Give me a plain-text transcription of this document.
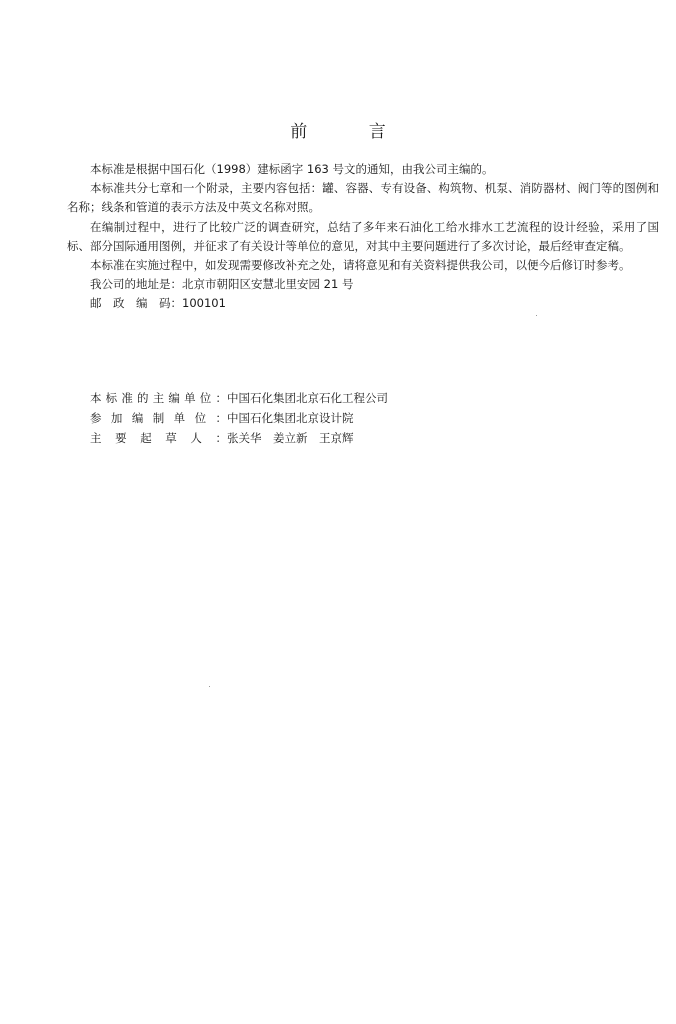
前 言

本标准是根据中国石化（1998）建标函字 163 号文的通知，由我公司主编的。

本标准共分七章和一个附录，主要内容包括：罐、容器、专有设备、构筑物、机泵、消防器材、阀门等的图例和名称；线条和管道的表示方法及中英文名称对照。

在编制过程中，进行了比较广泛的调查研究，总结了多年来石油化工给水排水工艺流程的设计经验，采用了国标、部分国际通用图例，并征求了有关设计等单位的意见，对其中主要问题进行了多次讨论，最后经审查定稿。

本标准在实施过程中，如发现需要修改补充之处，请将意见和有关资料提供我公司，以便今后修订时参考。

我公司的地址是：北京市朝阳区安慧北里安园 21 号

邮　政　编　码：100101

本标准的主编单位：中国石化集团北京石化工程公司
参加编制单位：中国石化集团北京设计院
主要起草人：张关华　姜立新　王京辉
